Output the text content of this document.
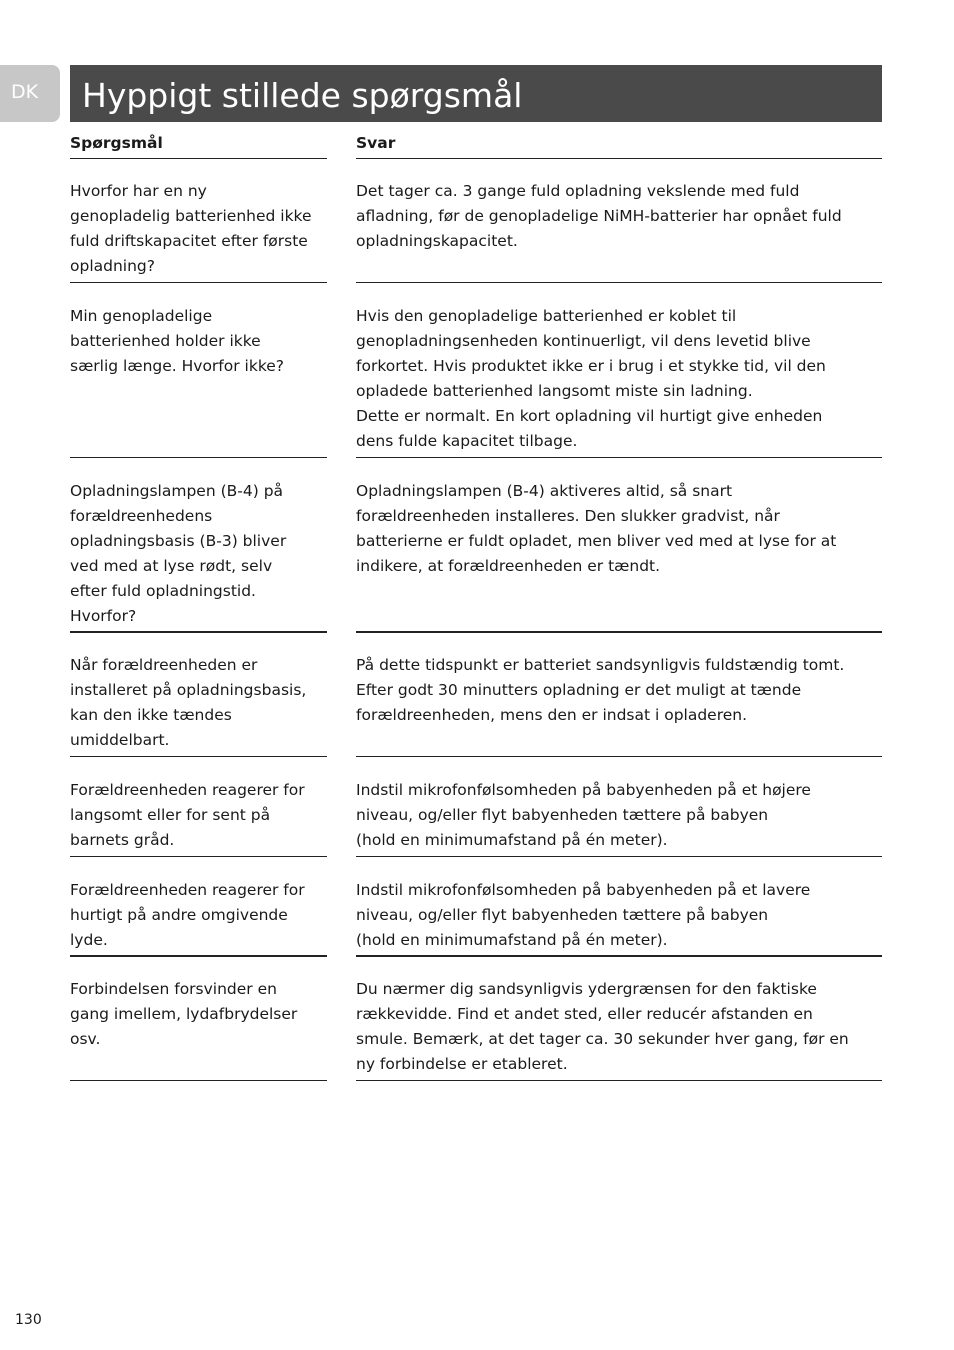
DK	Hyppigt stillede spørgsmål
Spørgsmål	Svar

Hvorfor har en ny
genopladelig batterienhed ikke
fuld driftskapacitet efter første
opladning?

Det tager ca. 3 gange fuld opladning vekslende med fuld
afladning, før de genopladelige NiMH-batterier har opnået fuld
opladningskapacitet.

Min genopladelige
batterienhed holder ikke
særlig længe. Hvorfor ikke?

Hvis den genopladelige batterienhed er koblet til
genopladningsenheden kontinuerligt, vil dens levetid blive
forkortet. Hvis produktet ikke er i brug i et stykke tid, vil den
opladede batterienhed langsomt miste sin ladning.
Dette er normalt. En kort opladning vil hurtigt give enheden
dens fulde kapacitet tilbage.

Opladningslampen (B-4) på
forældreenhedens
opladningsbasis (B-3) bliver
ved med at lyse rødt, selv
efter fuld opladningstid.
Hvorfor?

Opladningslampen (B-4) aktiveres altid, så snart
forældreenheden installeres. Den slukker gradvist, når
batterierne er fuldt opladet, men bliver ved med at lyse for at
indikere, at forældreenheden er tændt.

Når forældreenheden er
installeret på opladningsbasis,
kan den ikke tændes
umiddelbart.

På dette tidspunkt er batteriet sandsynligvis fuldstændig tomt.
Efter godt 30 minutters opladning er det muligt at tænde
forældreenheden, mens den er indsat i opladeren.

Forældreenheden reagerer for
langsomt eller for sent på
barnets gråd.

Indstil mikrofonfølsomheden på babyenheden på et højere
niveau, og/eller flyt babyenheden tættere på babyen
(hold en minimumafstand på én meter).

Forældreenheden reagerer for
hurtigt på andre omgivende
lyde.

Indstil mikrofonfølsomheden på babyenheden på et lavere
niveau, og/eller flyt babyenheden tættere på babyen
(hold en minimumafstand på én meter).

Forbindelsen forsvinder en
gang imellem, lydafbrydelser
osv.

Du nærmer dig sandsynligvis ydergrænsen for den faktiske
rækkevidde. Find et andet sted, eller reducér afstanden en
smule. Bemærk, at det tager ca. 30 sekunder hver gang, før en
ny forbindelse er etableret.

130
